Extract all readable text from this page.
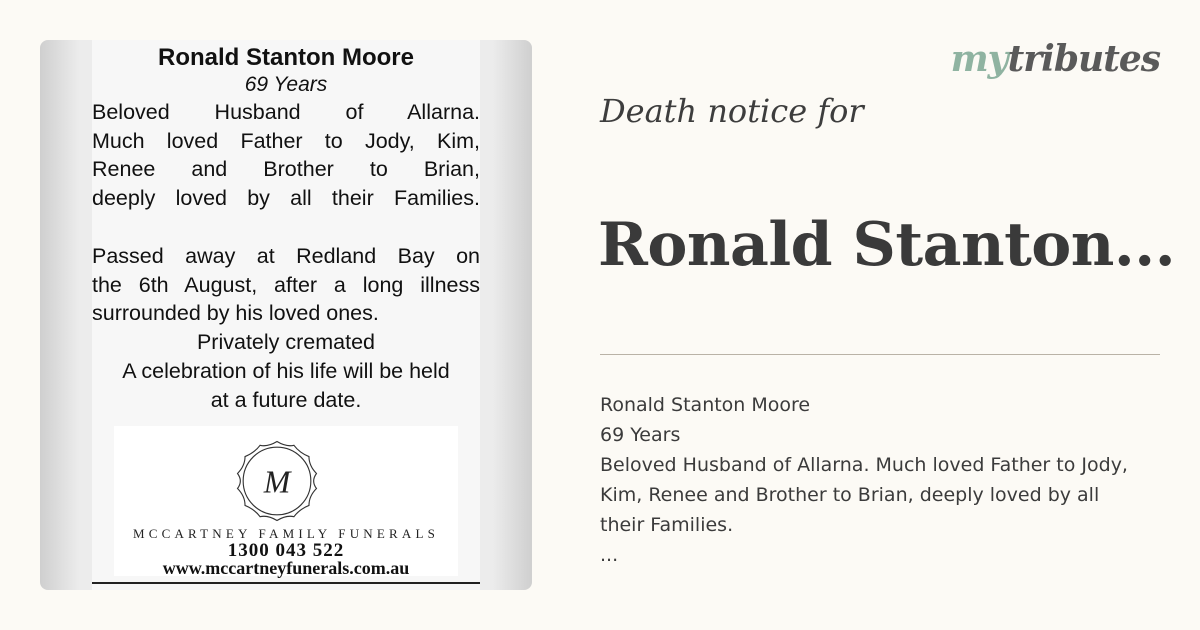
Ronald Stanton Moore
69 Years
Beloved Husband of Allarna.
Much loved Father to Jody, Kim,
Renee and Brother to Brian,
deeply loved by all their Families.
Passed away at Redland Bay on
the 6th August, after a long illness
surrounded by his loved ones.
Privately cremated
A celebration of his life will be held
at a future date.
M
MCCARTNEY FAMILY FUNERALS
1300 043 522
www.mccartneyfunerals.com.au
mytributes
Death notice for
Ronald Stanton...
Ronald Stanton Moore
69 Years
Beloved Husband of Allarna. Much loved Father to Jody,
Kim, Renee and Brother to Brian, deeply loved by all
their Families.
...
